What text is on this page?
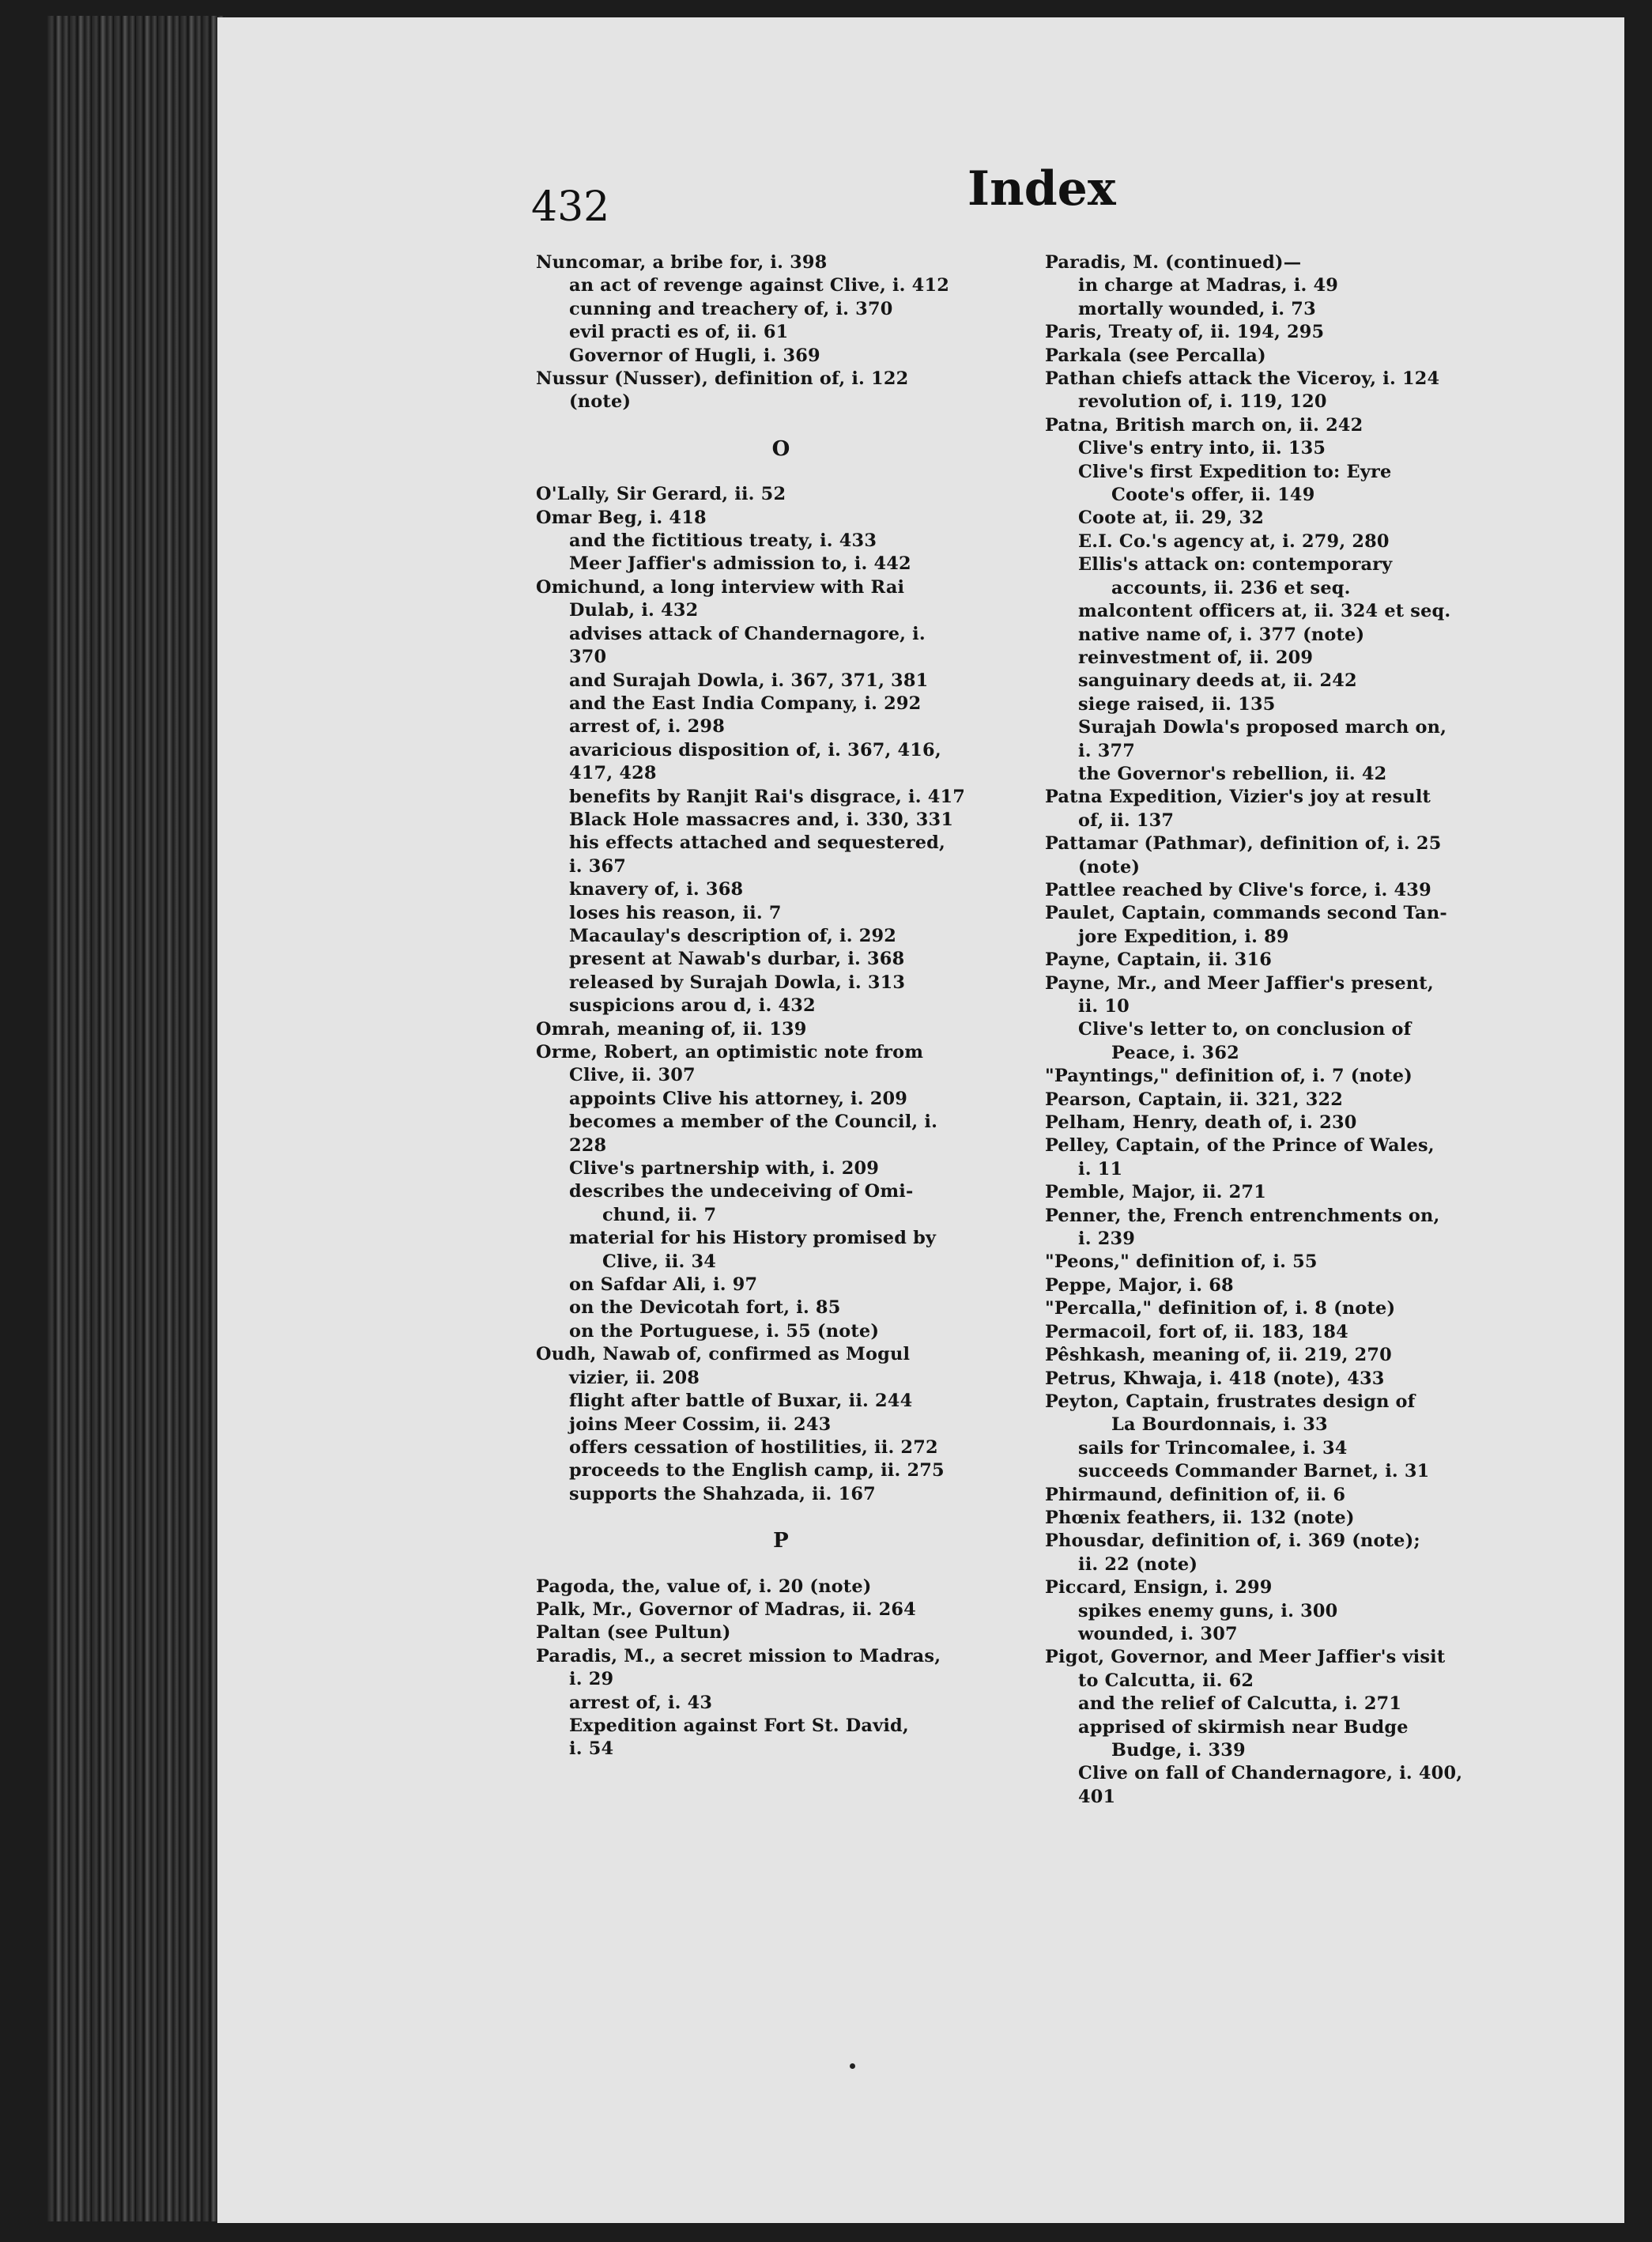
432	Index
Nuncomar, a bribe for, i. 398
an act of revenge against Clive, i. 412
cunning and treachery of, i. 370
evil practi es of, ii. 61
Governor of Hugli, i. 369
Nussur (Nusser), definition of, i. 122
(note)
O
O'Lally, Sir Gerard, ii. 52
Omar Beg, i. 418
and the fictitious treaty, i. 433
Meer Jaffier's admission to, i. 442
Omichund, a long interview with Rai
Dulab, i. 432
advises attack of Chandernagore, i.
370
and Surajah Dowla, i. 367, 371, 381
and the East India Company, i. 292
arrest of, i. 298
avaricious disposition of, i. 367, 416,
417, 428
benefits by Ranjit Rai's disgrace, i. 417
Black Hole massacres and, i. 330, 331
his effects attached and sequestered,
i. 367
knavery of, i. 368
loses his reason, ii. 7
Macaulay's description of, i. 292
present at Nawab's durbar, i. 368
released by Surajah Dowla, i. 313
suspicions arou d, i. 432
Omrah, meaning of, ii. 139
Orme, Robert, an optimistic note from
Clive, ii. 307
appoints Clive his attorney, i. 209
becomes a member of the Council, i.
228
Clive's partnership with, i. 209
describes the undeceiving of Omi-
chund, ii. 7
material for his History promised by
Clive, ii. 34
on Safdar Ali, i. 97
on the Devicotah fort, i. 85
on the Portuguese, i. 55 (note)
Oudh, Nawab of, confirmed as Mogul
vizier, ii. 208
flight after battle of Buxar, ii. 244
joins Meer Cossim, ii. 243
offers cessation of hostilities, ii. 272
proceeds to the English camp, ii. 275
supports the Shahzada, ii. 167
P
Pagoda, the, value of, i. 20 (note)
Palk, Mr., Governor of Madras, ii. 264
Paltan (see Pultun)
Paradis, M., a secret mission to Madras,
i. 29
arrest of, i. 43
Expedition against Fort St. David,
i. 54
Paradis, M. (continued)—
in charge at Madras, i. 49
mortally wounded, i. 73
Paris, Treaty of, ii. 194, 295
Parkala (see Percalla)
Pathan chiefs attack the Viceroy, i. 124
revolution of, i. 119, 120
Patna, British march on, ii. 242
Clive's entry into, ii. 135
Clive's first Expedition to: Eyre
Coote's offer, ii. 149
Coote at, ii. 29, 32
E.I. Co.'s agency at, i. 279, 280
Ellis's attack on: contemporary
accounts, ii. 236 et seq.
malcontent officers at, ii. 324 et seq.
native name of, i. 377 (note)
reinvestment of, ii. 209
sanguinary deeds at, ii. 242
siege raised, ii. 135
Surajah Dowla's proposed march on,
i. 377
the Governor's rebellion, ii. 42
Patna Expedition, Vizier's joy at result
of, ii. 137
Pattamar (Pathmar), definition of, i. 25
(note)
Pattlee reached by Clive's force, i. 439
Paulet, Captain, commands second Tan-
jore Expedition, i. 89
Payne, Captain, ii. 316
Payne, Mr., and Meer Jaffier's present,
ii. 10
Clive's letter to, on conclusion of
Peace, i. 362
"Payntings," definition of, i. 7 (note)
Pearson, Captain, ii. 321, 322
Pelham, Henry, death of, i. 230
Pelley, Captain, of the Prince of Wales,
i. 11
Pemble, Major, ii. 271
Penner, the, French entrenchments on,
i. 239
"Peons," definition of, i. 55
Peppe, Major, i. 68
"Percalla," definition of, i. 8 (note)
Permacoil, fort of, ii. 183, 184
Pêshkash, meaning of, ii. 219, 270
Petrus, Khwaja, i. 418 (note), 433
Peyton, Captain, frustrates design of
La Bourdonnais, i. 33
sails for Trincomalee, i. 34
succeeds Commander Barnet, i. 31
Phirmaund, definition of, ii. 6
Phœnix feathers, ii. 132 (note)
Phousdar, definition of, i. 369 (note);
ii. 22 (note)
Piccard, Ensign, i. 299
spikes enemy guns, i. 300
wounded, i. 307
Pigot, Governor, and Meer Jaffier's visit
to Calcutta, ii. 62
and the relief of Calcutta, i. 271
apprised of skirmish near Budge
Budge, i. 339
Clive on fall of Chandernagore, i. 400,
401
